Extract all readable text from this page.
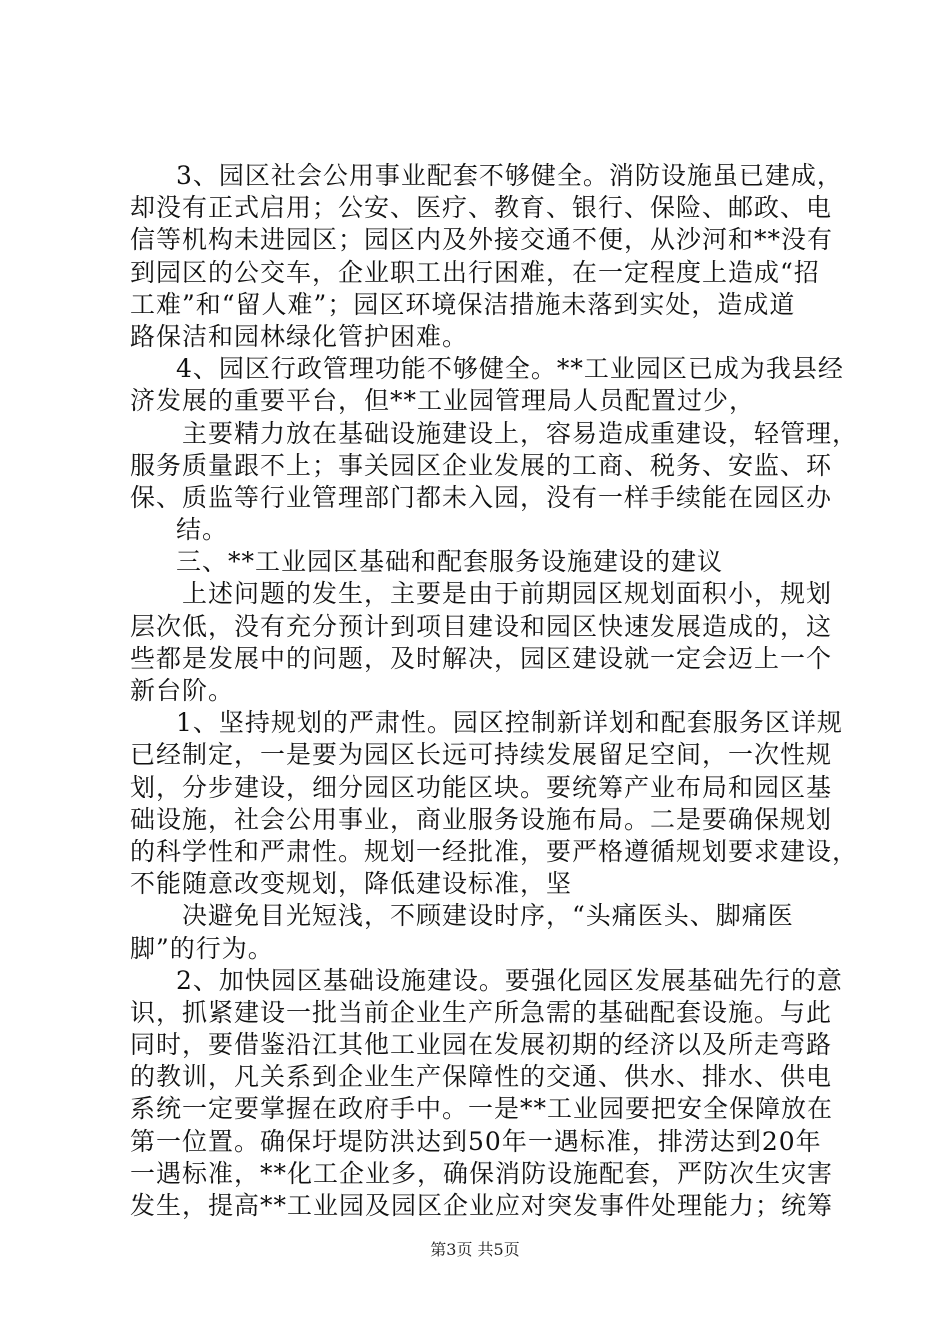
3、园区社会公用事业配套不够健全。消防设施虽已建成，
却没有正式启用；公安、医疗、教育、银行、保险、邮政、电
信等机构未进园区；园区内及外接交通不便，从沙河和**没有
到园区的公交车，企业职工出行困难，在一定程度上造成“招
工难”和“留人难”；园区环境保洁措施未落到实处，造成道
路保洁和园林绿化管护困难。
4、园区行政管理功能不够健全。**工业园区已成为我县经
济发展的重要平台，但**工业园管理局人员配置过少，
主要精力放在基础设施建设上，容易造成重建设，轻管理，
服务质量跟不上；事关园区企业发展的工商、税务、安监、环
保、质监等行业管理部门都未入园，没有一样手续能在园区办
结。
三、**工业园区基础和配套服务设施建设的建议
上述问题的发生，主要是由于前期园区规划面积小，规划
层次低，没有充分预计到项目建设和园区快速发展造成的，这
些都是发展中的问题，及时解决，园区建设就一定会迈上一个
新台阶。
1、坚持规划的严肃性。园区控制新详划和配套服务区详规
已经制定，一是要为园区长远可持续发展留足空间，一次性规
划，分步建设，细分园区功能区块。要统筹产业布局和园区基
础设施，社会公用事业，商业服务设施布局。二是要确保规划
的科学性和严肃性。规划一经批准，要严格遵循规划要求建设，
不能随意改变规划，降低建设标准，坚
决避免目光短浅，不顾建设时序，“头痛医头、脚痛医
脚”的行为。
2、加快园区基础设施建设。要强化园区发展基础先行的意
识，抓紧建设一批当前企业生产所急需的基础配套设施。与此
同时，要借鉴沿江其他工业园在发展初期的经济以及所走弯路
的教训，凡关系到企业生产保障性的交通、供水、排水、供电
系统一定要掌握在政府手中。一是**工业园要把安全保障放在
第一位置。确保圩堤防洪达到50年一遇标准，排涝达到20年
一遇标准，**化工企业多，确保消防设施配套，严防次生灾害
发生，提高**工业园及园区企业应对突发事件处理能力；统筹
第3页 共5页
